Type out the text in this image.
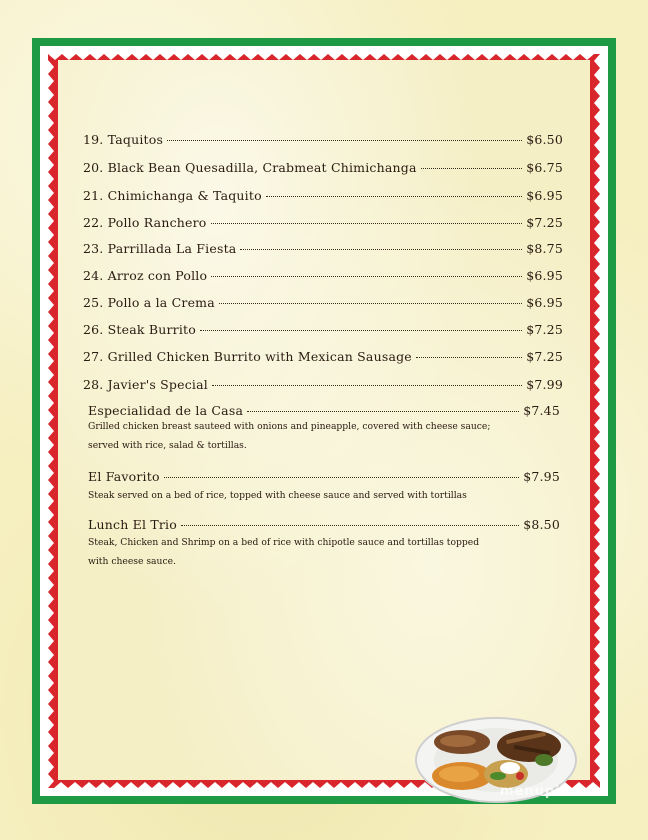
19. Taquitos	$6.50
20. Black Bean Quesadilla, Crabmeat Chimichanga	$6.75
21. Chimichanga & Taquito	$6.95
22. Pollo Ranchero	$7.25
23. Parrillada La Fiesta	$8.75
24. Arroz con Pollo	$6.95
25. Pollo a la Crema	$6.95
26. Steak Burrito	$7.25
27. Grilled Chicken Burrito with Mexican Sausage	$7.25
28. Javier's Special	$7.99
Especialidad de la Casa	$7.45
Grilled chicken breast sauteed with onions and pineapple, covered with cheese sauce;
served with rice, salad & tortillas.
El Favorito	$7.95
Steak served on a bed of rice, topped with cheese sauce and served with tortillas
Lunch El Trio	$8.50
Steak, Chicken and Shrimp on a bed of rice with chipotle sauce and tortillas topped
with cheese sauce.
menupix
